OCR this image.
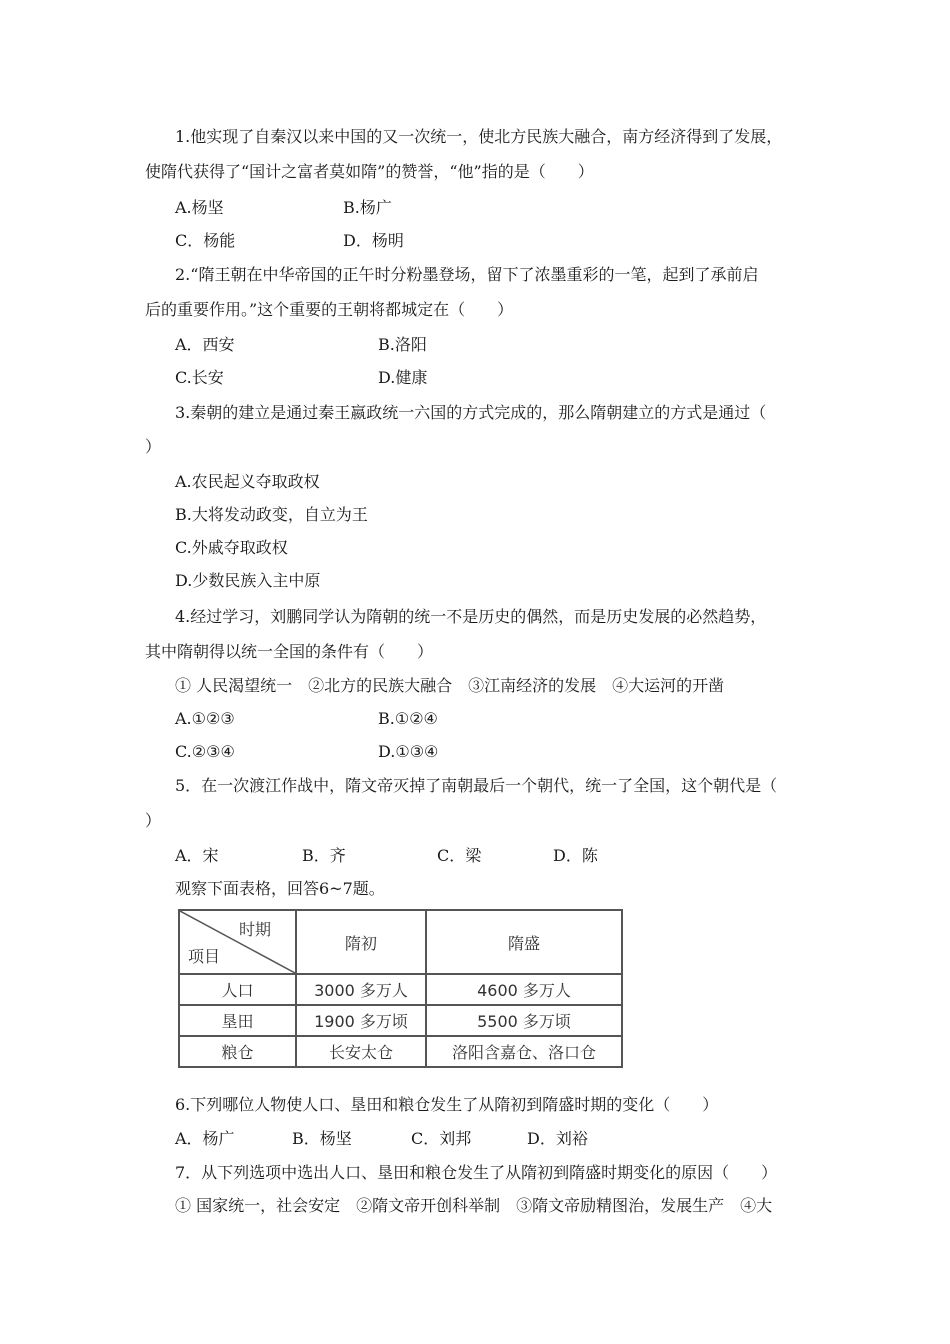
1.他实现了自秦汉以来中国的又一次统一，使北方民族大融合，南方经济得到了发展，
使隋代获得了“国计之富者莫如隋”的赞誉，“他”指的是（　　）
A.杨坚	B.杨广
C．杨能	D．杨明
2.“隋王朝在中华帝国的正午时分粉墨登场，留下了浓墨重彩的一笔，起到了承前启
后的重要作用。”这个重要的王朝将都城定在（　　）
A．西安	B.洛阳
C.长安	D.健康
3.秦朝的建立是通过秦王嬴政统一六国的方式完成的，那么隋朝建立的方式是通过（
）
A.农民起义夺取政权
B.大将发动政变，自立为王
C.外戚夺取政权
D.少数民族入主中原
4.经过学习，刘鹏同学认为隋朝的统一不是历史的偶然，而是历史发展的必然趋势，
其中隋朝得以统一全国的条件有（　　）
① 人民渴望统一　②北方的民族大融合　③江南经济的发展　④大运河的开凿
A.①②③	B.①②④
C.②③④	D.①③④
5．在一次渡江作战中，隋文帝灭掉了南朝最后一个朝代，统一了全国，这个朝代是（
）
A．宋	B．齐	C．梁	D．陈
观察下面表格，回答6~7题。
时期
项目	隋初	隋盛
人口	3000 多万人	4600 多万人
垦田	1900 多万顷	5500 多万顷
粮仓	长安太仓	洛阳含嘉仓、洛口仓
6.下列哪位人物使人口、垦田和粮仓发生了从隋初到隋盛时期的变化（　　）
A．杨广	B．杨坚	C．刘邦	D．刘裕
7．从下列选项中选出人口、垦田和粮仓发生了从隋初到隋盛时期变化的原因（　　）
① 国家统一，社会安定　②隋文帝开创科举制　③隋文帝励精图治，发展生产　④大
